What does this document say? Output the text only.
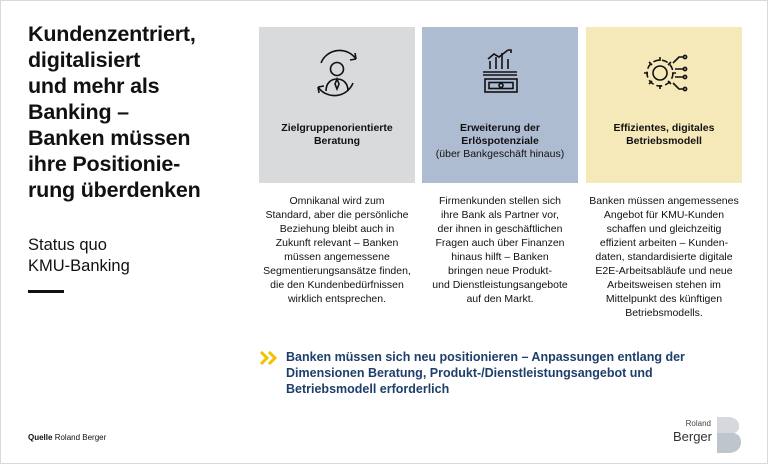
Kundenzentriert,
digitalisiert
und mehr als
Banking –
Banken müssen
ihre Positionie-
rung überdenken
Status quo
KMU-Banking
Zielgruppenorientierte Beratung
Erweiterung der Erlöspotenziale
(über Bankgeschäft hinaus)
Effizientes, digitales Betriebsmodell
Omnikanal wird zum
Standard, aber die persönliche
Beziehung bleibt auch in
Zukunft relevant – Banken
müssen angemessene
Segmentierungsansätze finden,
die den Kundenbedürfnissen
wirklich entsprechen.
Firmenkunden stellen sich
ihre Bank als Partner vor,
der ihnen in geschäftlichen
Fragen auch über Finanzen
hinaus hilft – Banken
bringen neue Produkt-
und Dienstleistungsangebote
auf den Markt.
Banken müssen angemessenes
Angebot für KMU-Kunden
schaffen und gleichzeitig
effizient arbeiten – Kunden-
daten, standardisierte digitale
E2E-Arbeitsabläufe und neue
Arbeitsweisen stehen im
Mittelpunkt des künftigen
Betriebsmodells.
Banken müssen sich neu positionieren – Anpassungen entlang der
Dimensionen Beratung, Produkt-/Dienstleistungsangebot und
Betriebsmodell erforderlich
Quelle Roland Berger
Roland
Berger
